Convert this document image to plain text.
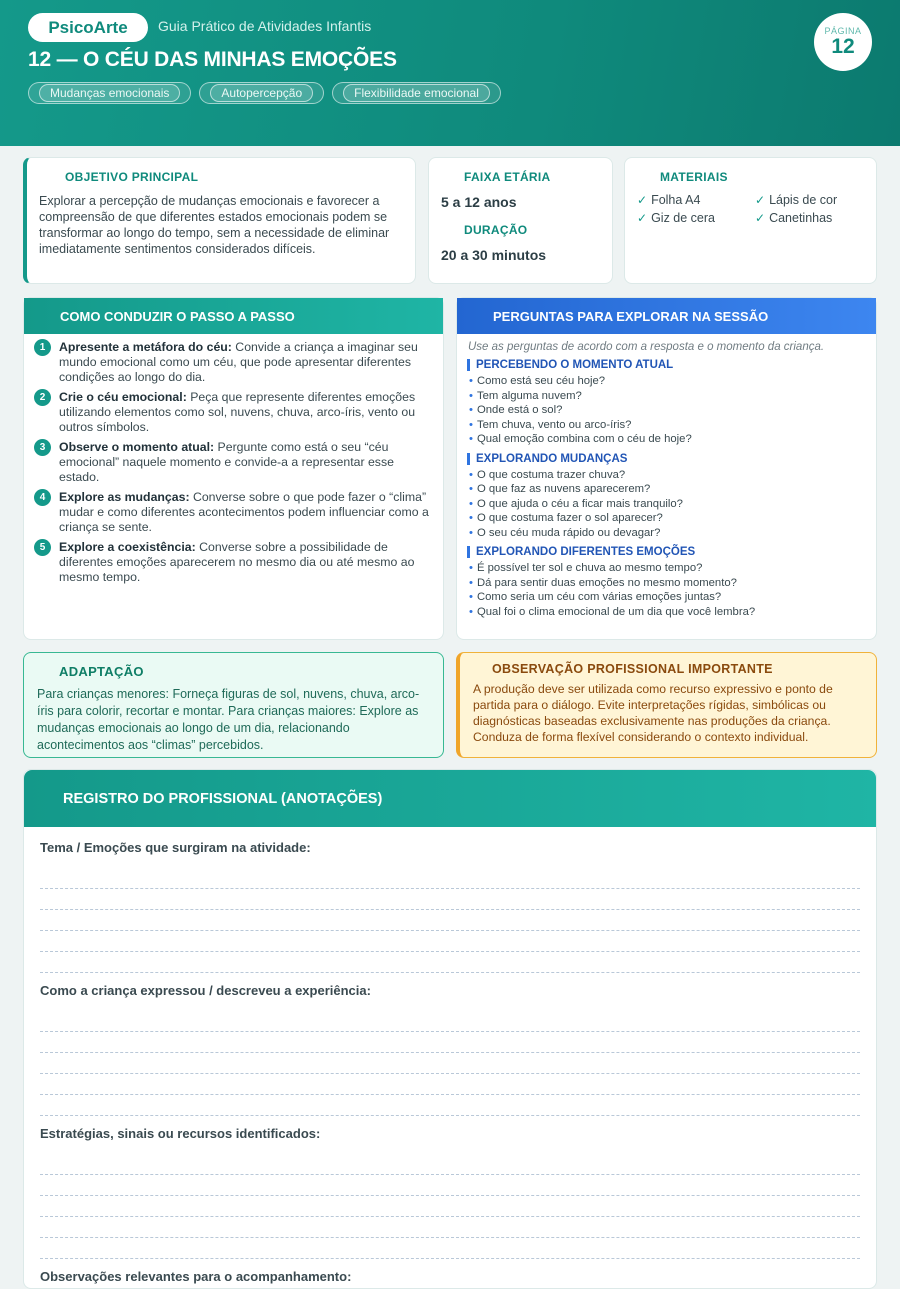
PsicoArte	Guia Prático de Atividades Infantis
12 — O CÉU DAS MINHAS EMOÇÕES
Mudanças emocionais	Autopercepção	Flexibilidade emocional
PÁGINA
12
OBJETIVO PRINCIPAL

Explorar a percepção de mudanças emocionais e favorecer a compreensão de que diferentes estados emocionais podem se transformar ao longo do tempo, sem a necessidade de eliminar imediatamente sentimentos considerados difíceis.

FAIXA ETÁRIA
5 a 12 anos
DURAÇÃO
20 a 30 minutos
MATERIAIS
✓ Folha A4	✓ Lápis de cor
✓ Giz de cera	✓ Canetinhas
COMO CONDUZIR O PASSO A PASSO
1	Apresente a metáfora do céu: Convide a criança a imaginar seu mundo emocional como um céu, que pode apresentar diferentes condições ao longo do dia.
2	Crie o céu emocional: Peça que represente diferentes emoções utilizando elementos como sol, nuvens, chuva, arco-íris, vento ou outros símbolos.
3	Observe o momento atual: Pergunte como está o seu “céu emocional” naquele momento e convide-a a representar esse estado.
4	Explore as mudanças: Converse sobre o que pode fazer o “clima” mudar e como diferentes acontecimentos podem influenciar como a criança se sente.
5	Explore a coexistência: Converse sobre a possibilidade de diferentes emoções aparecerem no mesmo dia ou até mesmo ao mesmo tempo.
PERGUNTAS PARA EXPLORAR NA SESSÃO
Use as perguntas de acordo com a resposta e o momento da criança.
PERCEBENDO O MOMENTO ATUAL
• Como está seu céu hoje?
• Tem alguma nuvem?
• Onde está o sol?
• Tem chuva, vento ou arco-íris?
• Qual emoção combina com o céu de hoje?
EXPLORANDO MUDANÇAS
• O que costuma trazer chuva?
• O que faz as nuvens aparecerem?
• O que ajuda o céu a ficar mais tranquilo?
• O que costuma fazer o sol aparecer?
• O seu céu muda rápido ou devagar?
EXPLORANDO DIFERENTES EMOÇÕES
• É possível ter sol e chuva ao mesmo tempo?
• Dá para sentir duas emoções no mesmo momento?
• Como seria um céu com várias emoções juntas?
• Qual foi o clima emocional de um dia que você lembra?
ADAPTAÇÃO

Para crianças menores: Forneça figuras de sol, nuvens, chuva, arco-íris para colorir, recortar e montar. Para crianças maiores: Explore as mudanças emocionais ao longo de um dia, relacionando acontecimentos aos “climas” percebidos.

OBSERVAÇÃO PROFISSIONAL IMPORTANTE

A produção deve ser utilizada como recurso expressivo e ponto de partida para o diálogo. Evite interpretações rígidas, simbólicas ou diagnósticas baseadas exclusivamente nas produções da criança. Conduza de forma flexível considerando o contexto individual.

REGISTRO DO PROFISSIONAL (ANOTAÇÕES)
Tema / Emoções que surgiram na atividade:
Como a criança expressou / descreveu a experiência:
Estratégias, sinais ou recursos identificados:
Observações relevantes para o acompanhamento:
